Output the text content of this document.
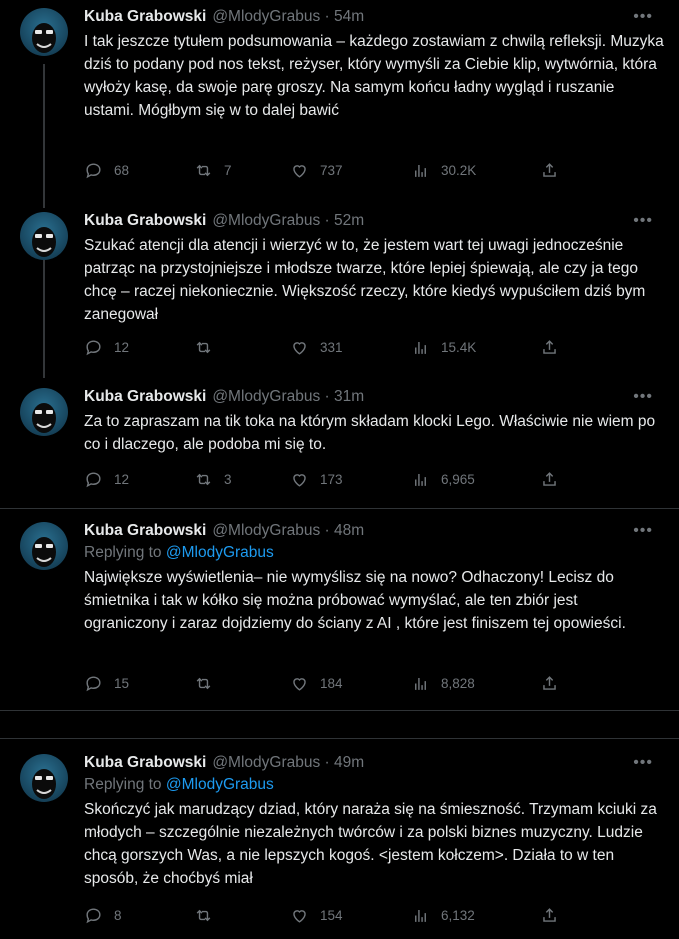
Kuba Grabowski @MlodyGrabus · 54m
I tak jeszcze tytułem podsumowania – każdego zostawiam z chwilą refleksji. Muzyka dziś to podany pod nos tekst, reżyser, który wymyśli za Ciebie klip, wytwórnia, która wyłoży kasę, da swoje parę groszy. Na samym końcu ładny wygląd i ruszanie ustami. Mógłbym się w to dalej bawić
•••
68	7	737	30.2K
Kuba Grabowski @MlodyGrabus · 52m
Szukać atencji dla atencji i wierzyć w to, że jestem wart tej uwagi jednocześnie patrząc na przystojniejsze i młodsze twarze, które lepiej śpiewają, ale czy ja tego chcę – raczej niekoniecznie. Większość rzeczy, które kiedyś wypuściłem dziś bym zanegował
•••
12	331	15.4K
Kuba Grabowski @MlodyGrabus · 31m
Za to zapraszam na tik toka na którym składam klocki Lego. Właściwie nie wiem po co i dlaczego, ale podoba mi się to.
•••
12	3	173	6,965
Kuba Grabowski @MlodyGrabus · 48m
Replying to @MlodyGrabus
Największe wyświetlenia– nie wymyślisz się na nowo? Odhaczony! Lecisz do śmietnika i tak w kółko się można próbować wymyślać, ale ten zbiór jest ograniczony i zaraz dojdziemy do ściany z AI , które jest finiszem tej opowieści.
•••
15	184	8,828
Kuba Grabowski @MlodyGrabus · 49m
Replying to @MlodyGrabus
Skończyć jak marudzący dziad, który naraża się na śmieszność. Trzymam kciuki za młodych – szczególnie niezależnych twórców i za polski biznes muzyczny. Ludzie chcą gorszych Was, a nie lepszych kogoś. <jestem kołczem>. Działa to w ten sposób, że choćbyś miał
•••
8	154	6,132
